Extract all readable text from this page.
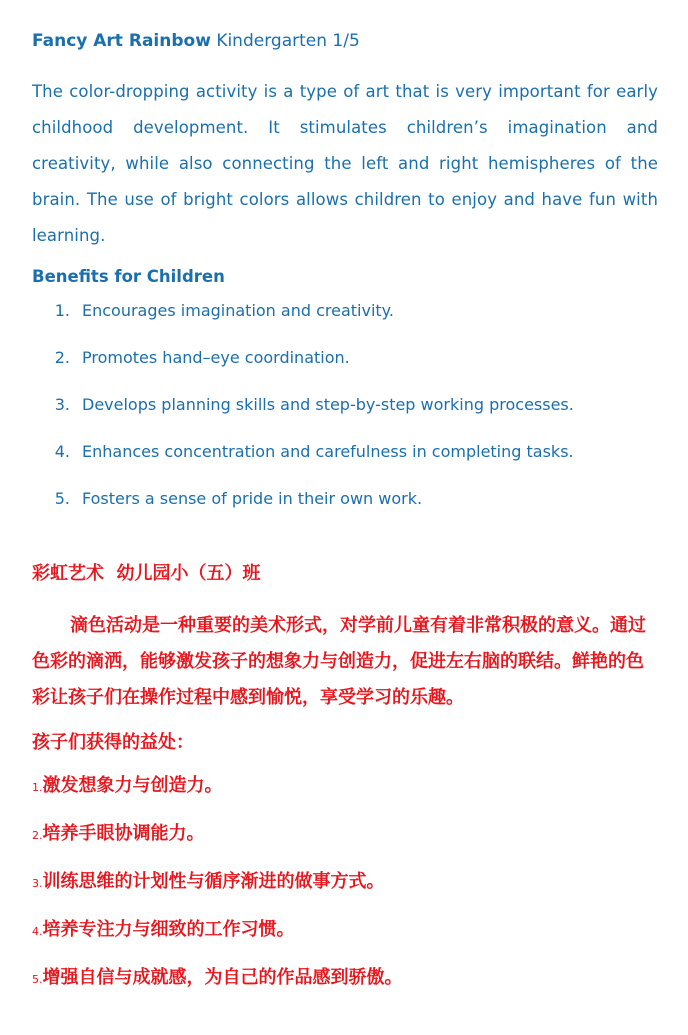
Fancy Art Rainbow Kindergarten 1/5

The color-dropping activity is a type of art that is very important for early childhood development. It stimulates children’s imagination and creativity, while also connecting the left and right hemispheres of the brain. The use of bright colors allows children to enjoy and have fun with learning.

Benefits for Children

1. Encourages imagination and creativity.
2. Promotes hand–eye coordination.
3. Develops planning skills and step-by-step working processes.
4. Enhances concentration and carefulness in completing tasks.
5. Fosters a sense of pride in their own work.

彩虹艺术  幼儿园小（五）班

滴色活动是一种重要的美术形式，对学前儿童有着非常积极的意义。通过色彩的滴洒，能够激发孩子的想象力与创造力，促进左右脑的联结。鲜艳的色彩让孩子们在操作过程中感到愉悦，享受学习的乐趣。

孩子们获得的益处：

1.激发想象力与创造力。
2.培养手眼协调能力。
3.训练思维的计划性与循序渐进的做事方式。
4.培养专注力与细致的工作习惯。
5.增强自信与成就感，为自己的作品感到骄傲。
